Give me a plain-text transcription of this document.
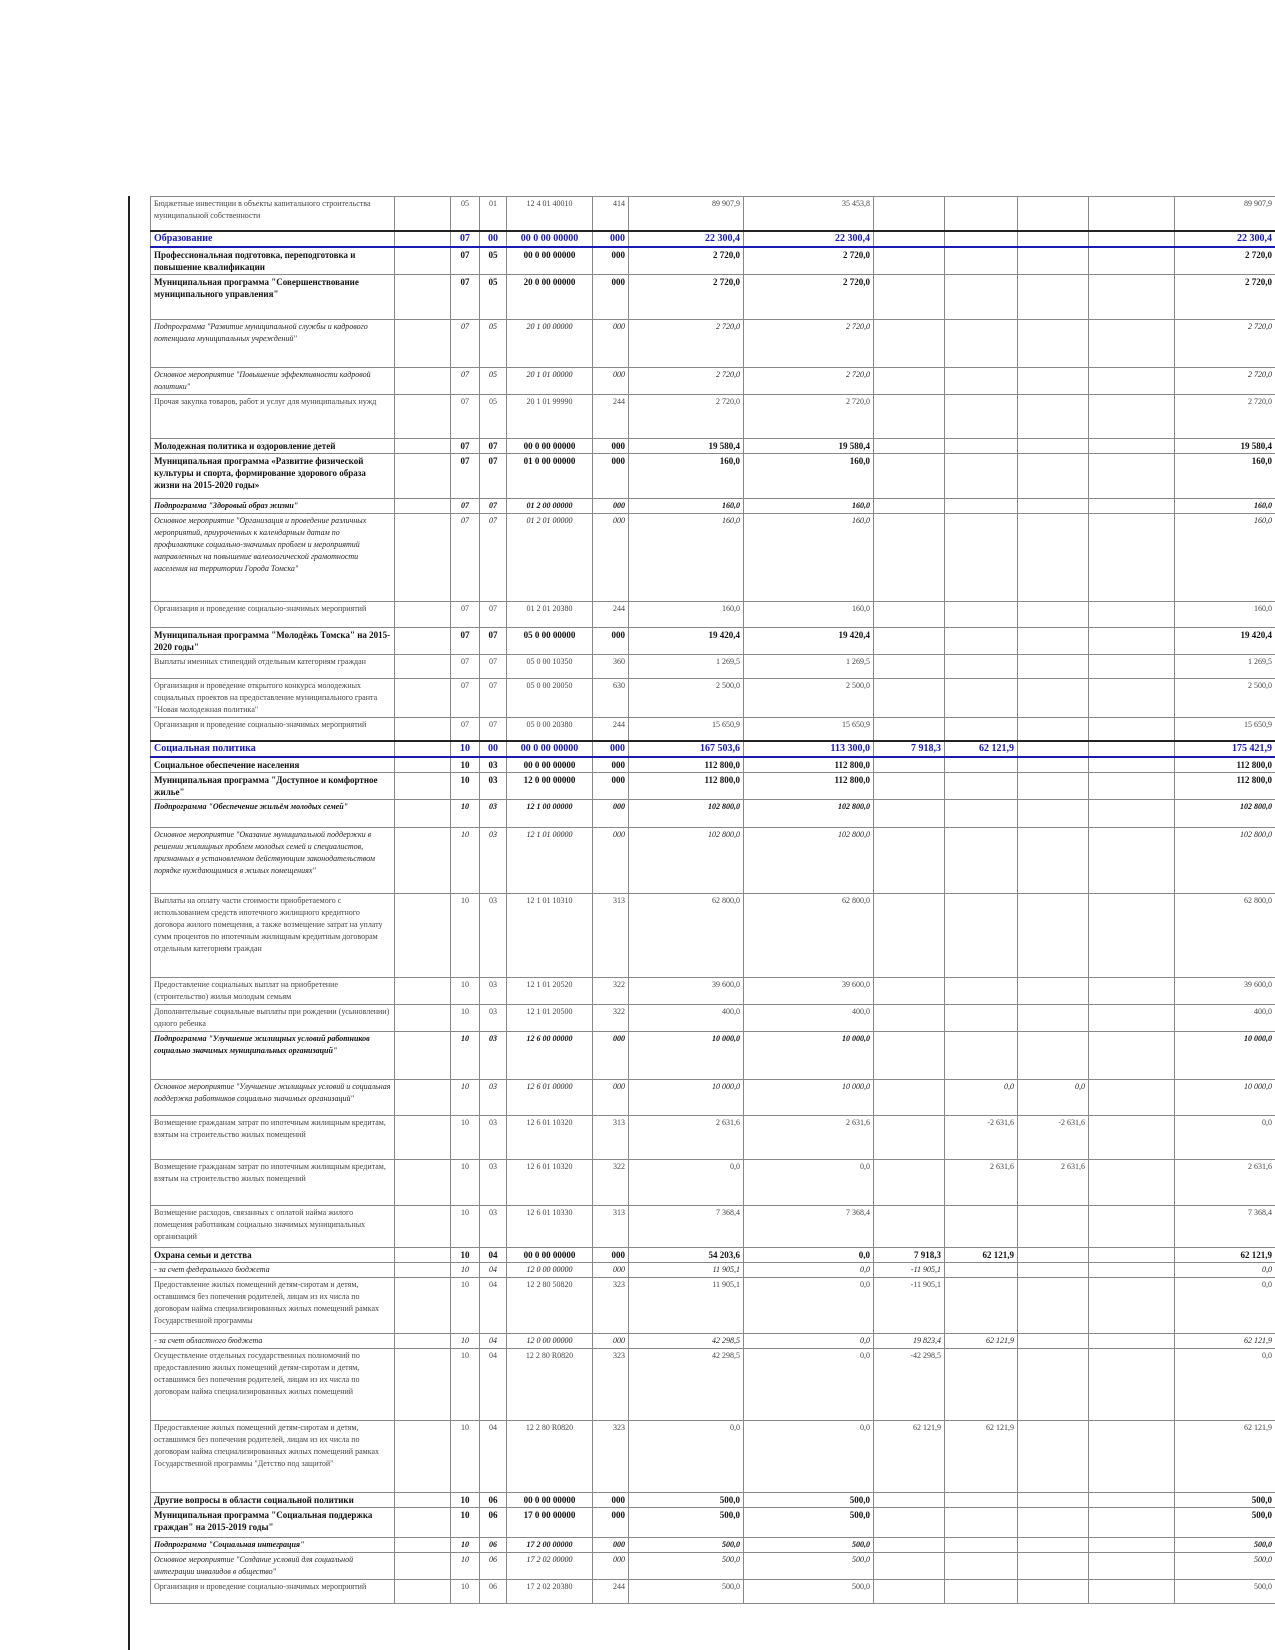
Бюджетные инвестиции в объекты капитального строительства муниципальной собственности		05	01	12 4 01 40010	414	89 907,9	35 453,8					89 907,9
Образование		07	00	00 0 00 00000	000	22 300,4	22 300,4					22 300,4
Профессиональная подготовка, переподготовка и повышение квалификации		07	05	00 0 00 00000	000	2 720,0	2 720,0					2 720,0
Муниципальная программа "Совершенствование муниципального управления"		07	05	20 0 00 00000	000	2 720,0	2 720,0					2 720,0
Подпрограмма "Развитие муниципальной службы и кадрового потенциала муниципальных учреждений"		07	05	20 1 00 00000	000	2 720,0	2 720,0					2 720,0
Основное мероприятие "Повышение эффективности кадровой политики"		07	05	20 1 01 00000	000	2 720,0	2 720,0					2 720,0
Прочая закупка товаров, работ и услуг для муниципальных нужд		07	05	20 1 01 99990	244	2 720,0	2 720,0					2 720,0
Молодежная политика и оздоровление детей		07	07	00 0 00 00000	000	19 580,4	19 580,4					19 580,4
Муниципальная программа «Развитие физической культуры и спорта, формирование здорового образа жизни на 2015-2020 годы»		07	07	01 0 00 00000	000	160,0	160,0					160,0
Подпрограмма "Здоровый образ жизни"		07	07	01 2 00 00000	000	160,0	160,0					160,0
Основное мероприятие "Организация и проведение различных мероприятий, приуроченных к календарным датам по профилактике социально-значимых проблем и мероприятий направленных на повышение валеологической грамотности населения на территории Города Томска"		07	07	01 2 01 00000	000	160,0	160,0					160,0
Организация и проведение социально-значимых мероприятий		07	07	01 2 01 20380	244	160,0	160,0					160,0
Муниципальная программа "Молодёжь Томска" на 2015-2020 годы"		07	07	05 0 00 00000	000	19 420,4	19 420,4					19 420,4
Выплаты именных стипендий отдельным категориям граждан		07	07	05 0 00 10350	360	1 269,5	1 269,5					1 269,5
Организация и проведение открытого конкурса молодежных социальных проектов на предоставление муниципального гранта "Новая молодежная политика"		07	07	05 0 00 20050	630	2 500,0	2 500,0					2 500,0
Организация и проведение социально-значимых мероприятий		07	07	05 0 00 20380	244	15 650,9	15 650,9					15 650,9
Социальная политика		10	00	00 0 00 00000	000	167 503,6	113 300,0	7 918,3	62 121,9			175 421,9
Социальное обеспечение населения		10	03	00 0 00 00000	000	112 800,0	112 800,0					112 800,0
Муниципальная программа "Доступное и комфортное жилье"		10	03	12 0 00 00000	000	112 800,0	112 800,0					112 800,0
Подпрограмма "Обеспечение жильём молодых семей"		10	03	12 1 00 00000	000	102 800,0	102 800,0					102 800,0
Основное мероприятие "Оказание муниципальной поддержки в решении жилищных проблем молодых семей и специалистов, признанных в установленном действующим законодательством порядке нуждающимися в жилых помещениях"		10	03	12 1 01 00000	000	102 800,0	102 800,0					102 800,0
Выплаты на оплату части стоимости приобретаемого с использованием средств ипотечного жилищного кредитного договора жилого помещения, а также возмещение затрат на уплату сумм процентов по ипотечным жилищным кредитным договорам отдельным категориям граждан		10	03	12 1 01 10310	313	62 800,0	62 800,0					62 800,0
Предоставление социальных выплат на приобретение (строительство) жилья молодым семьям		10	03	12 1 01 20520	322	39 600,0	39 600,0					39 600,0
Дополнительные социальные выплаты при рождении (усыновлении) одного ребенка		10	03	12 1 01 20500	322	400,0	400,0					400,0
Подпрограмма "Улучшение жилищных условий работников социально значимых муниципальных организаций"		10	03	12 6 00 00000	000	10 000,0	10 000,0					10 000,0
Основное мероприятие "Улучшение жилищных условий и социальная поддержка работников социально значимых организаций"		10	03	12 6 01 00000	000	10 000,0	10 000,0		0,0	0,0		10 000,0
Возмещение гражданам затрат по ипотечным жилищным кредитам, взятым на строительство жилых помещений		10	03	12 6 01 10320	313	2 631,6	2 631,6		-2 631,6	-2 631,6		0,0
Возмещение гражданам затрат по ипотечным жилищным кредитам, взятым на строительство жилых помещений		10	03	12 6 01 10320	322	0,0	0,0		2 631,6	2 631,6		2 631,6
Возмещение расходов, связанных с оплатой найма жилого помещения работникам социально значимых муниципальных организаций		10	03	12 6 01 10330	313	7 368,4	7 368,4					7 368,4
Охрана семьи и детства		10	04	00 0 00 00000	000	54 203,6	0,0	7 918,3	62 121,9			62 121,9
- за счет федерального бюджета		10	04	12 0 00 00000	000	11 905,1	0,0	-11 905,1				0,0
Предоставление жилых помещений детям-сиротам и детям, оставшимся без попечения родителей, лицам из их числа по договорам найма специализированных жилых помещений рамках Государственной программы		10	04	12 2 80 50820	323	11 905,1	0,0	-11 905,1				0,0
- за счет областного бюджета		10	04	12 0 00 00000	000	42 298,5	0,0	19 823,4	62 121,9			62 121,9
Осуществление отдельных государственных полномочий по предоставлению жилых помещений детям-сиротам и детям, оставшимся без попечения родителей, лицам из их числа по договорам найма специализированных жилых помещений		10	04	12 2 80 R0820	323	42 298,5	0,0	-42 298,5				0,0
Предоставление жилых помещений детям-сиротам и детям, оставшимся без попечения родителей, лицам из их числа по договорам найма специализированных жилых помещений рамках Государственной программы "Детство под защитой"		10	04	12 2 80 R0820	323	0,0	0,0	62 121,9	62 121,9			62 121,9
Другие вопросы в области социальной политики		10	06	00 0 00 00000	000	500,0	500,0					500,0
Муниципальная программа "Социальная поддержка граждан" на 2015-2019 годы"		10	06	17 0 00 00000	000	500,0	500,0					500,0
Подпрограмма "Социальная интеграция"		10	06	17 2 00 00000	000	500,0	500,0					500,0
Основное мероприятие "Создание условий для социальной интеграции инвалидов в общество"		10	06	17 2 02 00000	000	500,0	500,0					500,0
Организация и проведение социально-значимых мероприятий		10	06	17 2 02 20380	244	500,0	500,0					500,0
